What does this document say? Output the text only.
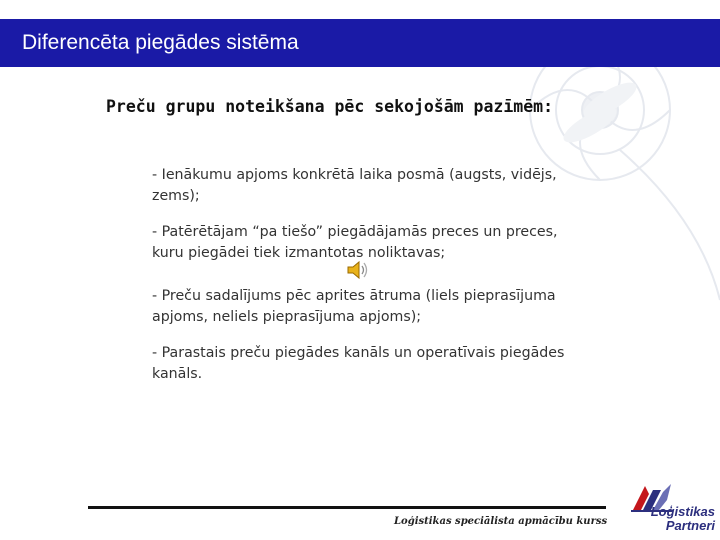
Diferencēta piegādes sistēma
Preču grupu noteikšana pēc sekojošām pazīmēm:
- Ienākumu apjoms konkrētā laika posmā (augsts, vidējs, zems);
- Patērētājam “pa tiešo” piegādājamās preces un preces, kuru piegādei tiek izmantotas noliktavas;
- Preču sadalījums pēc aprites ātruma (liels pieprasījuma apjoms, neliels pieprasījuma apjoms);
- Parastais preču piegādes kanāls un operatīvais piegādes kanāls.
Loģistikas speciālista apmācību kurss
Loģistikas
Partneri
